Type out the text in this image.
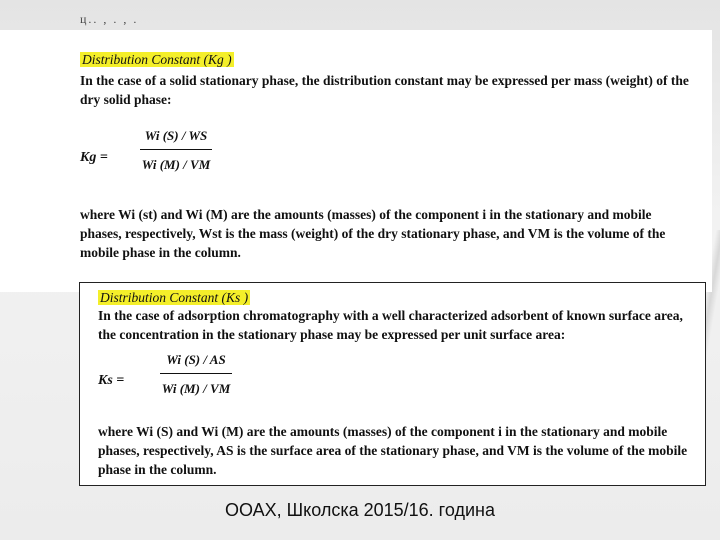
ц.. , . , .
Distribution Constant (Kg )
In the case of a solid stationary phase, the distribution constant may be expressed per mass (weight) of the dry solid phase:
Kg =
Wi (S) / WS
Wi (M) / VM
where Wi (st) and Wi (M) are the amounts (masses) of the component i in the stationary and mobile phases, respectively, Wst is the mass (weight) of the dry stationary phase, and VM is the volume of the mobile phase in the column.
Distribution Constant (Ks )
In the case of adsorption chromatography with a well characterized adsorbent of known surface area, the concentration in the stationary phase may be expressed per unit surface area:
Ks =
Wi (S) / AS
Wi (M) / VM
where Wi (S) and Wi (M) are the amounts (masses) of the component i in the stationary and mobile phases, respectively, AS is the surface area of the stationary phase, and VM is the volume of the mobile phase in the column.
ООАХ, Школска 2015/16. година
